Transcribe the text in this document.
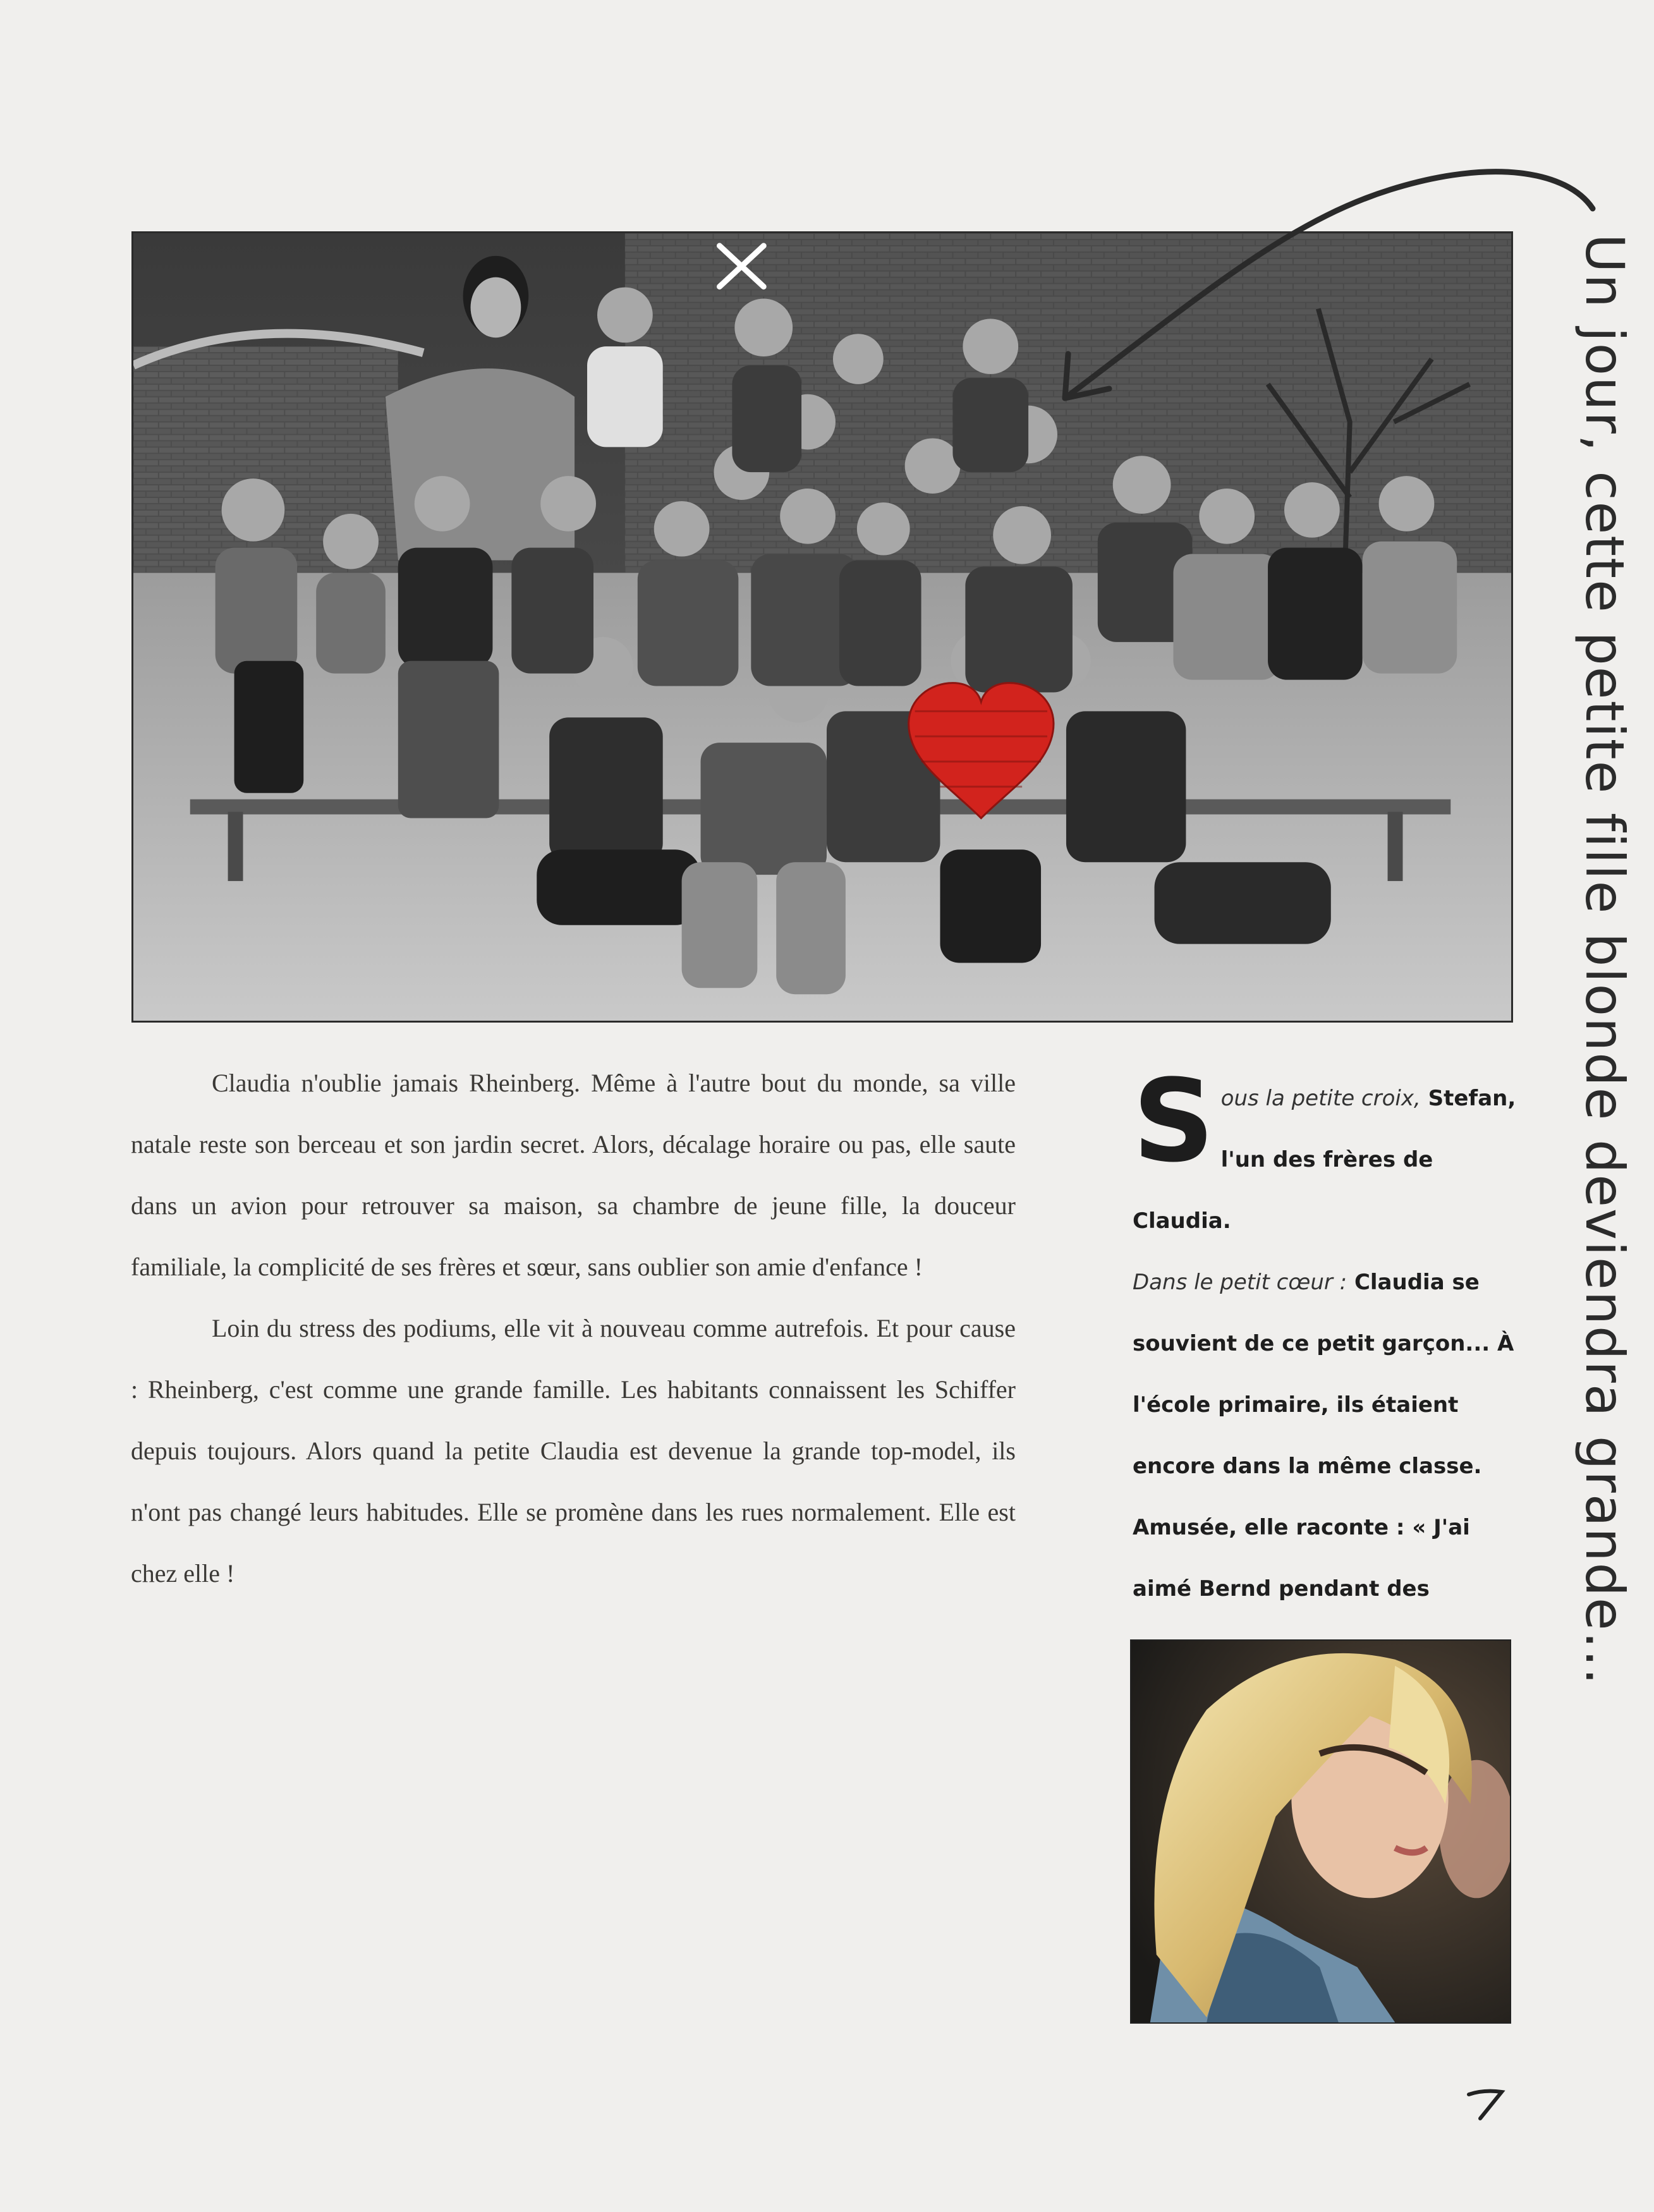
Un jour, cette petite fille blonde deviendra grande...

Claudia n'oublie jamais Rheinberg. Même à l'autre bout du monde, sa ville natale reste son berceau et son jardin secret. Alors, décalage horaire ou pas, elle saute dans un avion pour retrouver sa maison, sa chambre de jeune fille, la douceur familiale, la complicité de ses frères et sœur, sans oublier son amie d'enfance !

Loin du stress des podiums, elle vit à nouveau comme autrefois. Et pour cause : Rheinberg, c'est comme une grande famille. Les habitants connaissent les Schiffer depuis toujours. Alors quand la petite Claudia est devenue la grande top-model, ils n'ont pas changé leurs habitudes. Elle se promène dans les rues normalement. Elle est chez elle !

Sous la petite croix, Stefan, l'un des frères de Claudia.

Dans le petit cœur : Claudia se souvient de ce petit garçon... À l'école primaire, ils étaient encore dans la même classe. Amusée, elle raconte : « J'ai aimé Bernd pendant des
